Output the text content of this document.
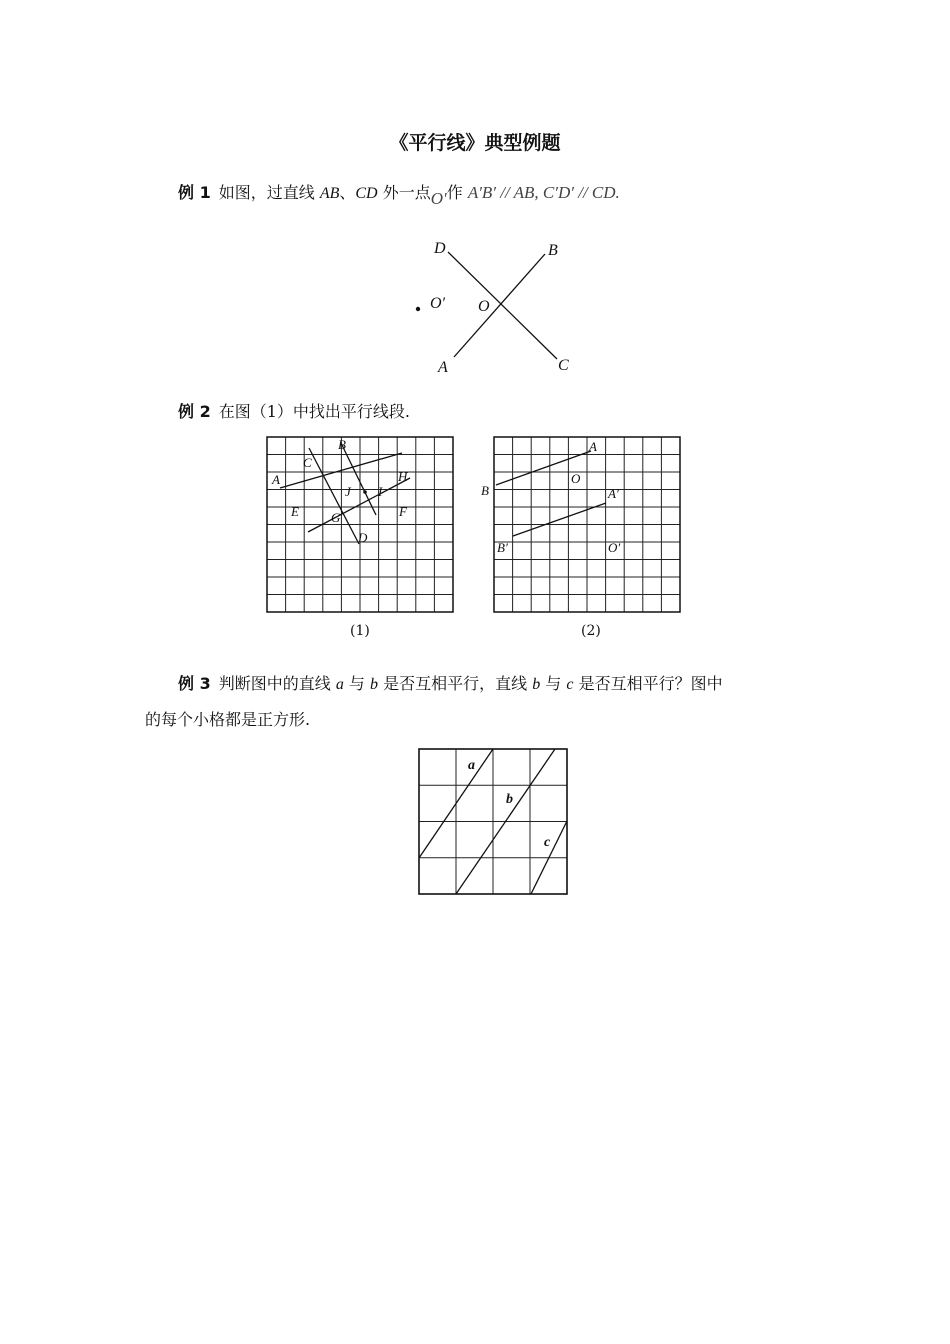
《平行线》典型例题
例 1 如图，过直线 AB、CD 外一点O′作 A′B′ // AB, C′D′ // CD.
D	B
O′ O
A	C
例 2 在图（1）中找出平行线段.
B
C
A	H
J I
E G	F
D
A
O
B	A′
B′	O′
(1)	(2)
例 3 判断图中的直线 a 与 b 是否互相平行，直线 b 与 c 是否互相平行？图中
的每个小格都是正方形.
a
b
c
